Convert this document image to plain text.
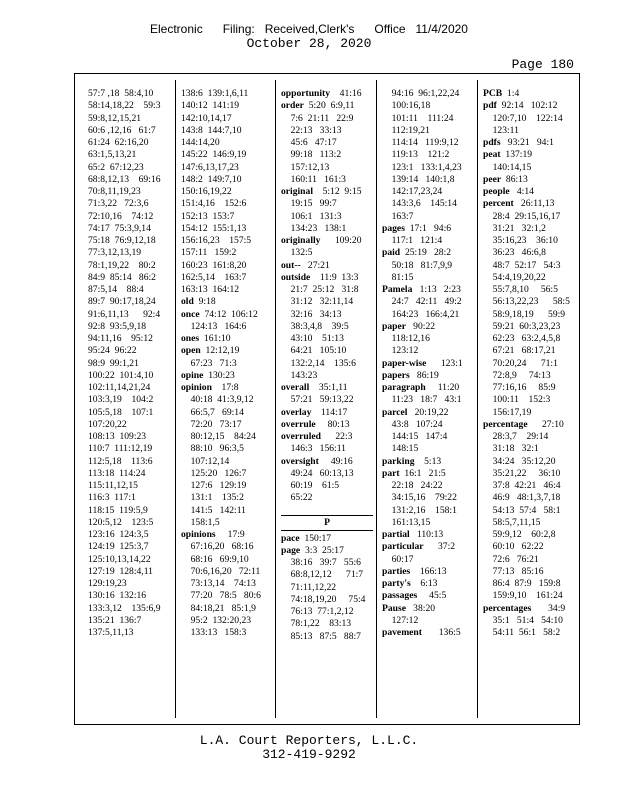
Electronic      Filing:   Received,Clerk's      Office   11/4/2020
October 28, 2020
Page 180
57:7 ,18  58:4,10
58:14,18,22    59:3
59:8,12,15,21
60:6 ,12,16   61:7
61:24  62:16,20
63:1,5,13,21
65:2  67:12,23
68:8,12,13    69:16
70:8,11,19,23
71:3,22   72:3,6
72:10,16    74:12
74:17  75:3,9,14
75:18  76:9,12,18
77:3,12,13,19
78:1,19,22    80:2
84:9  85:14   86:2
87:5,14    88:4
89:7  90:17,18,24
91:6,11,13      92:4
92:8  93:5,9,18
94:11,16    95:12
95:24  96:22
98:9  99:1,21
100:22  101:4,10
102:11,14,21,24
103:3,19    104:2
105:5,18    107:1
107:20,22
108:13  109:23
110:7  111:12,19
112:5,18    113:6
113:18  114:24
115:11,12,15
116:3  117:1
118:15  119:5,9
120:5,12    123:5
123:16  124:3,5
124:19  125:3,7
125:10,13,14,22
127:19  128:4,11
129:19,23
130:16  132:16
133:3,12    135:6,9
135:21  136:7
137:5,11,13
138:6  139:1,6,11
140:12  141:19
142:10,14,17
143:8  144:7,10
144:14,20
145:22  146:9,19
147:6,13,17,23
148:2  149:7,10
150:16,19,22
151:4,16    152:6
152:13  153:7
154:12  155:1,13
156:16,23    157:5
157:11   159:2
160:23  161:8,20
162:5,14    163:7
163:13  164:12
old  9:18
once  74:12  106:12
124:13   164:6
ones  161:10
open  12:12,19
67:23   71:3
opine  130:23
opinion    17:8
40:18  41:3,9,12
66:5,7   69:14
72:20   73:17
80:12,15    84:24
88:10   96:3,5
107:12,14
125:20   126:7
127:6   129:19
131:1    135:2
141:5   142:11
158:1,5
opinions     17:9
67:16,20   68:16
68:16   69:9,10
70:6,16,20   72:11
73:13,14    74:13
77:20   78:5   80:6
84:18,21   85:1,9
95:2  132:20,23
133:13   158:3
opportunity    41:16
order  5:20  6:9,11
7:6  21:11   22:9
22:13   33:13
45:6   47:17
99:18   113:2
157:12,13
160:11   161:3
original    5:12  9:15
19:15   99:7
106:1   131:3
134:23   138:1
originally      109:20
132:5
out--   27:21
outside    11:9  13:3
21:7  25:12   31:8
31:12   32:11,14
32:16   34:13
38:3,4,8    39:5
43:10    51:13
64:21   105:10
132:2,14    135:6
143:23
overall    35:1,11
57:21   59:13,22
overlay    114:17
overrule     80:13
overruled      22:3
146:3   156:11
oversight     49:16
49:24   60:13,13
60:19    61:5
65:22
P
pace  150:17
page  3:3  25:17
38:16   39:7   55:6
68:8,12,12      71:7
71:11,12,22
74:18,19,20     75:4
76:13  77:1,2,12
78:1,22    83:13
85:13   87:5   88:7
94:16  96:1,22,24
100:16,18
101:11    111:24
112:19,21
114:14   119:9,12
119:13    121:2
123:1   133:1,4,23
139:14   140:1,8
142:17,23,24
143:3,6    145:14
163:7
pages  17:1   94:6
117:1   121:4
paid  25:19   28:2
50:18   81:7,9,9
81:15
Pamela   1:13   2:23
24:7   42:11   49:2
164:23   166:4,21
paper   90:22
118:12,16
123:12
paper-wise      123:1
papers   86:19
paragraph     11:20
11:23   18:7   43:1
parcel   20:19,22
43:8   107:24
144:15   147:4
148:15
parking    5:13
part  16:1   21:5
22:18   24:22
34:15,16    79:22
131:2,16    158:1
161:13,15
partial   110:13
particular      37:2
60:17
parties    166:13
party's    6:13
passages     45:5
Pause   38:20
127:12
pavement       136:5
PCB  1:4
pdf  92:14   102:12
120:7,10    122:14
123:11
pdfs   93:21   94:1
peat  137:19
140:14,15
peer  86:13
people   4:14
percent   26:11,13
28:4  29:15,16,17
31:21   32:1,2
35:16,23    36:10
36:23   46:6,8
48:7  52:17   54:3
54:4,19,20,22
55:7,8,10     56:5
56:13,22,23      58:5
58:9,18,19      59:9
59:21  60:3,23,23
62:23   63:2,4,5,8
67:21   68:17,21
70:20,24      71:1
72:8,9     74:13
77:16,16     85:9
100:11    152:3
156:17,19
percentage      27:10
28:3,7    29:14
31:18   32:1
34:24   35:12,20
35:21,22     36:10
37:8  42:21   46:4
46:9   48:1,3,7,18
54:13  57:4   58:1
58:5,7,11,15
59:9,12    60:2,8
60:10   62:22
72:6   76:21
77:13   85:16
86:4  87:9   159:8
159:9,10    161:24
percentages       34:9
35:1   51:4   54:10
54:11  56:1   58:2
L.A. Court Reporters, L.L.C.
312-419-9292
